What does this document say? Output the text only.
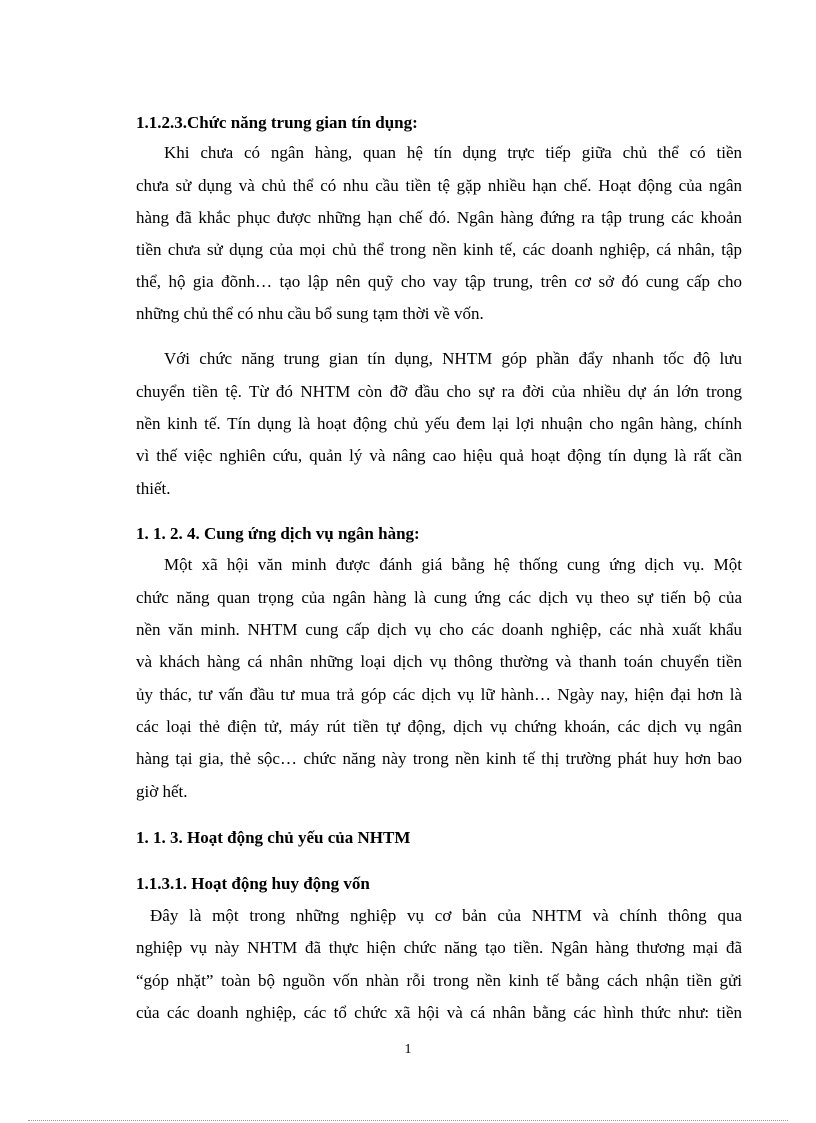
1.1.2.3.Chức năng trung gian tín dụng:
Khi chưa có ngân hàng, quan hệ tín dụng trực tiếp giữa chủ thể có tiền
chưa sử dụng và chủ thể có nhu cầu tiền tệ gặp nhiều hạn chế. Hoạt động của ngân
hàng đã khắc phục được những hạn chế đó. Ngân hàng đứng ra tập trung các khoản
tiền chưa sử dụng của mọi chủ thể trong nền kinh tế, các doanh nghiệp, cá nhân, tập
thể, hộ gia đõnh… tạo lập nên quỹ cho vay tập trung, trên cơ sở đó cung cấp cho
những chủ thể có nhu cầu bổ sung tạm thời về vốn.
Với chức năng trung gian tín dụng, NHTM góp phần đẩy nhanh tốc độ lưu
chuyển tiền tệ. Từ đó NHTM còn đỡ đầu cho sự ra đời của nhiều dự án lớn trong
nền kinh tế. Tín dụng là hoạt động chủ yếu đem lại lợi nhuận cho ngân hàng, chính
vì thế việc nghiên cứu, quản lý và nâng cao hiệu quả hoạt động tín dụng là rất cần
thiết.
1. 1. 2. 4. Cung ứng dịch vụ ngân hàng:
Một xã hội văn minh được đánh giá bằng hệ thống cung ứng dịch vụ. Một
chức năng quan trọng của ngân hàng là cung ứng các dịch vụ theo sự tiến bộ của
nền văn minh. NHTM cung cấp dịch vụ cho các doanh nghiệp, các nhà xuất khẩu
và khách hàng cá nhân những loại dịch vụ thông thường và thanh toán chuyển tiền
ủy thác, tư vấn đầu tư mua trả góp các dịch vụ lữ hành… Ngày nay, hiện đại hơn là
các loại thẻ điện tử, máy rút tiền tự động, dịch vụ chứng khoán, các dịch vụ ngân
hàng tại gia, thẻ sộc… chức năng này trong nền kinh tế thị trường phát huy hơn bao
giờ hết.
1. 1. 3. Hoạt động chủ yếu của NHTM
1.1.3.1. Hoạt động huy động vốn
Đây là một trong những nghiệp vụ cơ bản của NHTM và chính thông qua
nghiệp vụ này NHTM đã thực hiện chức năng tạo tiền. Ngân hàng thương mại đã
“góp nhặt” toàn bộ nguồn vốn nhàn rỗi trong nền kinh tế bằng cách nhận tiền gửi
của các doanh nghiệp, các tổ chức xã hội và cá nhân bằng các hình thức như: tiền
1
